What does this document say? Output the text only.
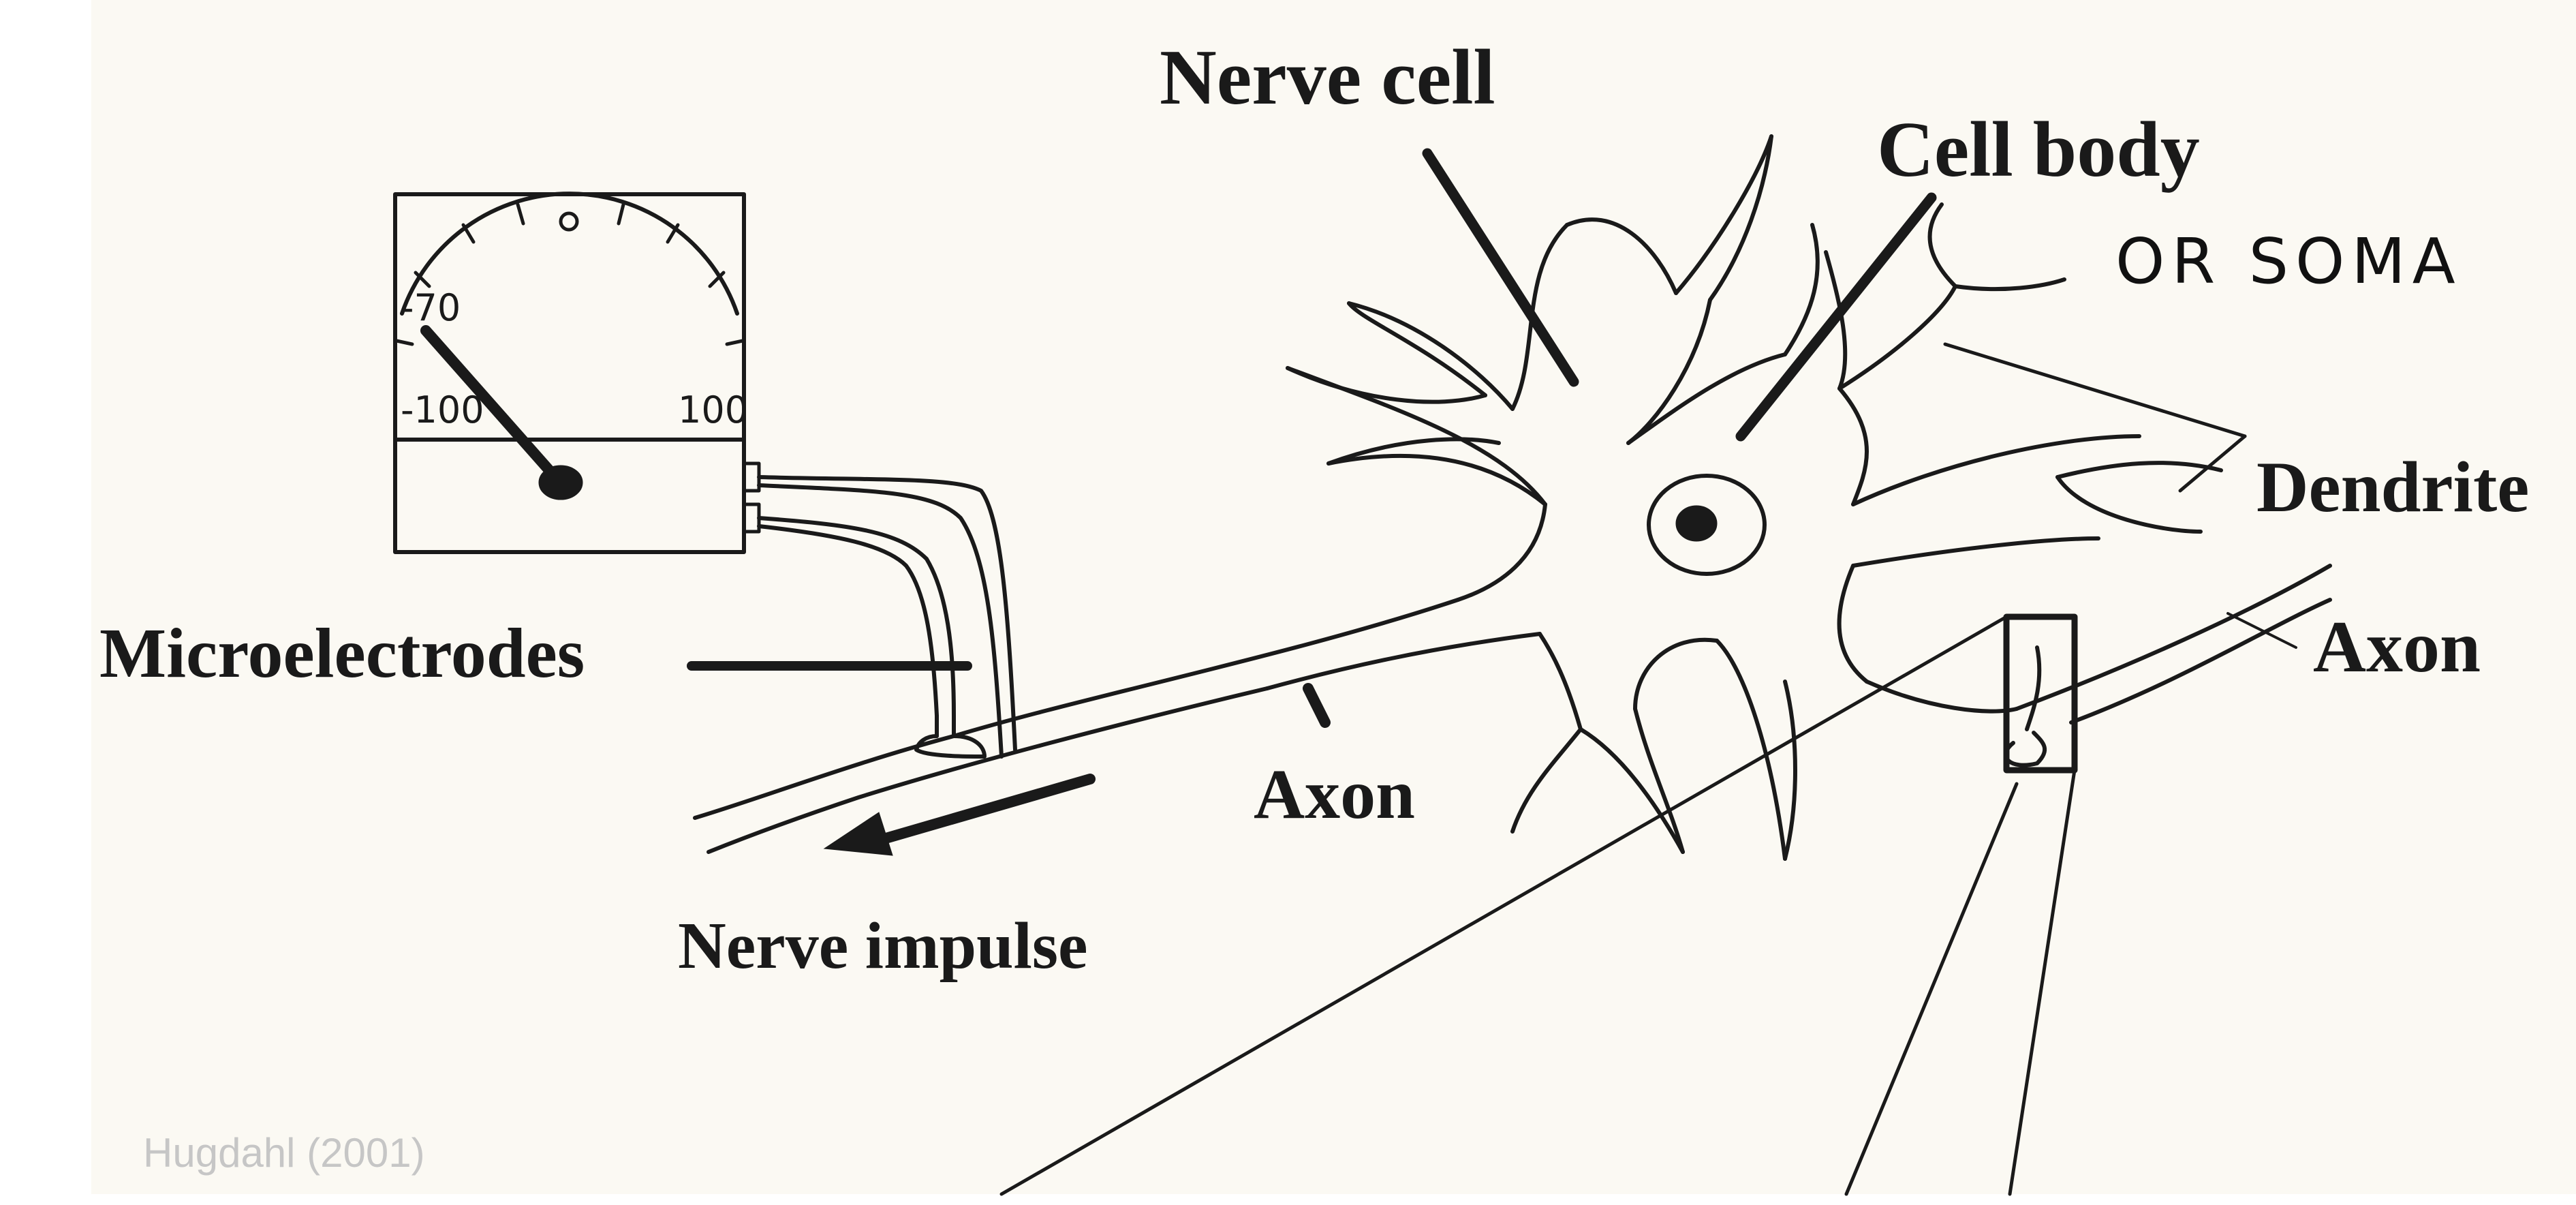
-70
-100	100
Nerve cell
Cell body
OR SOMA
Dendrite
Axon
Axon
Microelectrodes
Nerve impulse
Hugdahl (2001)
